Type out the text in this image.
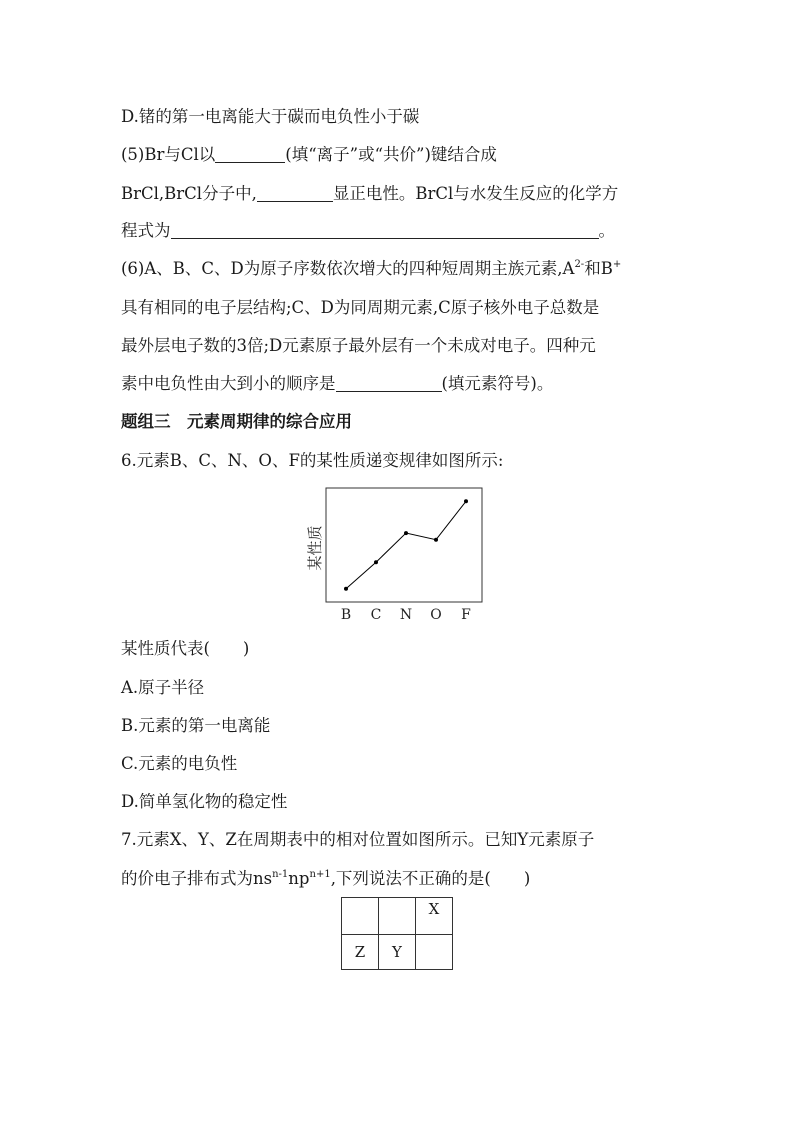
D.锗的第一电离能大于碳而电负性小于碳
(5)Br与Cl以	(填“离子”或“共价”)键结合成
BrCl,BrCl分子中,	显正电性。BrCl与水发生反应的化学方
程式为	。
(6)A、B、C、D为原子序数依次增大的四种短周期主族元素$,A^{2-}$和B+
具有相同的电子层结构;C、D为同周期元素,C原子核外电子总数是
最外层电子数的3倍;D元素原子最外层有一个未成对电子。四种元
素中电负性由大到小的顺序是	(填元素符号)。
题组三　元素周期律的综合应用
6.元素B、C、N、O、F的某性质递变规律如图所示:
B C N O F
某性质
某性质代表(　　)
A.原子半径
B.元素的第一电离能
C.元素的电负性
D.简单氢化物的稳定性
7.元素X、Y、Z在周期表中的相对位置如图所示。已知Y元素原子
的价电子排布式为$ns^{n-1}np^{n+1}$,下列说法不正确的是(　　)
		X
Z	Y	
